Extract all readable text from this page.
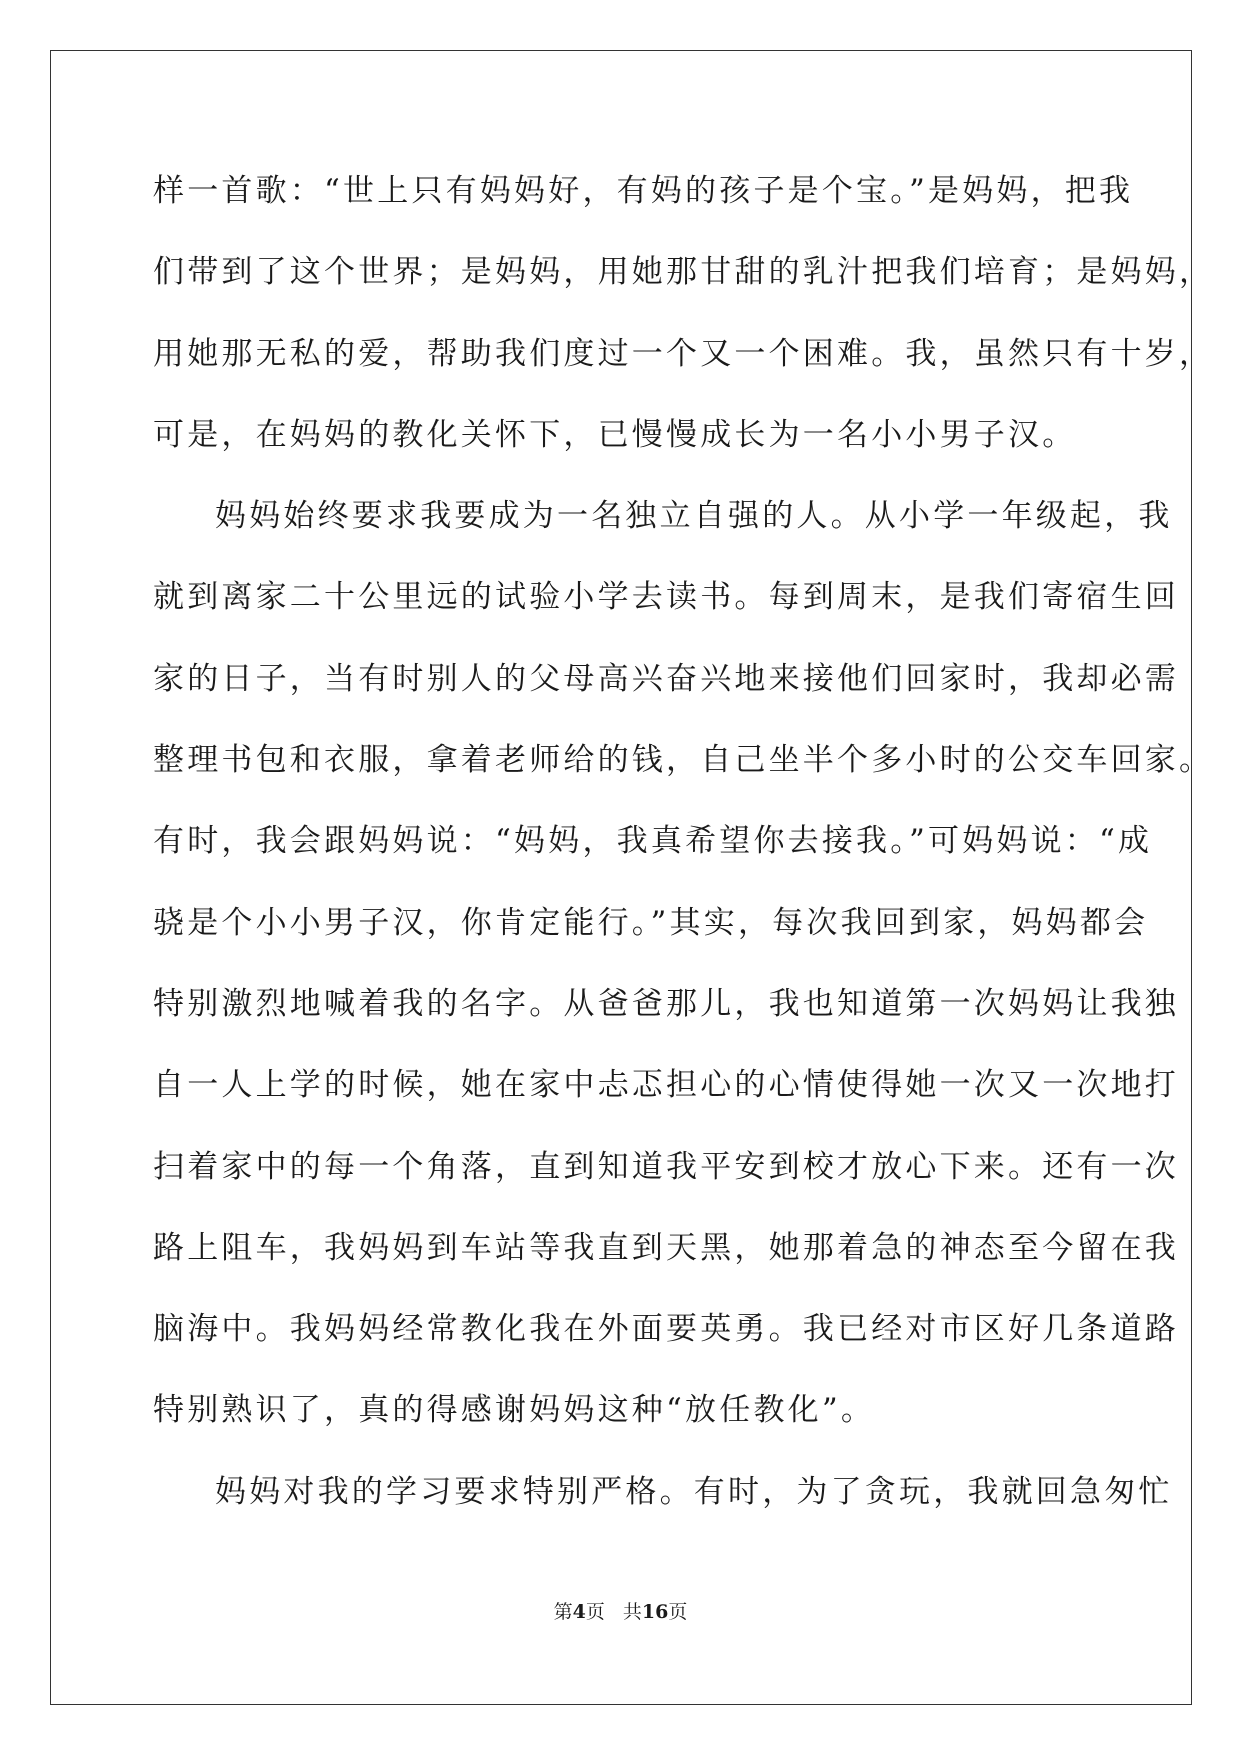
样一首歌：“世上只有妈妈好，有妈的孩子是个宝。”是妈妈，把我
们带到了这个世界；是妈妈，用她那甘甜的乳汁把我们培育；是妈妈，
用她那无私的爱，帮助我们度过一个又一个困难。我，虽然只有十岁，
可是，在妈妈的教化关怀下，已慢慢成长为一名小小男子汉。
妈妈始终要求我要成为一名独立自强的人。从小学一年级起，我
就到离家二十公里远的试验小学去读书。每到周末，是我们寄宿生回
家的日子，当有时别人的父母高兴奋兴地来接他们回家时，我却必需
整理书包和衣服，拿着老师给的钱，自己坐半个多小时的公交车回家。
有时，我会跟妈妈说：“妈妈，我真希望你去接我。”可妈妈说：“成
骁是个小小男子汉，你肯定能行。”其实，每次我回到家，妈妈都会
特别激烈地喊着我的名字。从爸爸那儿，我也知道第一次妈妈让我独
自一人上学的时候，她在家中忐忑担心的心情使得她一次又一次地打
扫着家中的每一个角落，直到知道我平安到校才放心下来。还有一次
路上阻车，我妈妈到车站等我直到天黑，她那着急的神态至今留在我
脑海中。我妈妈经常教化我在外面要英勇。我已经对市区好几条道路
特别熟识了，真的得感谢妈妈这种“放任教化”。
妈妈对我的学习要求特别严格。有时，为了贪玩，我就回急匆忙
第4页 共16页
